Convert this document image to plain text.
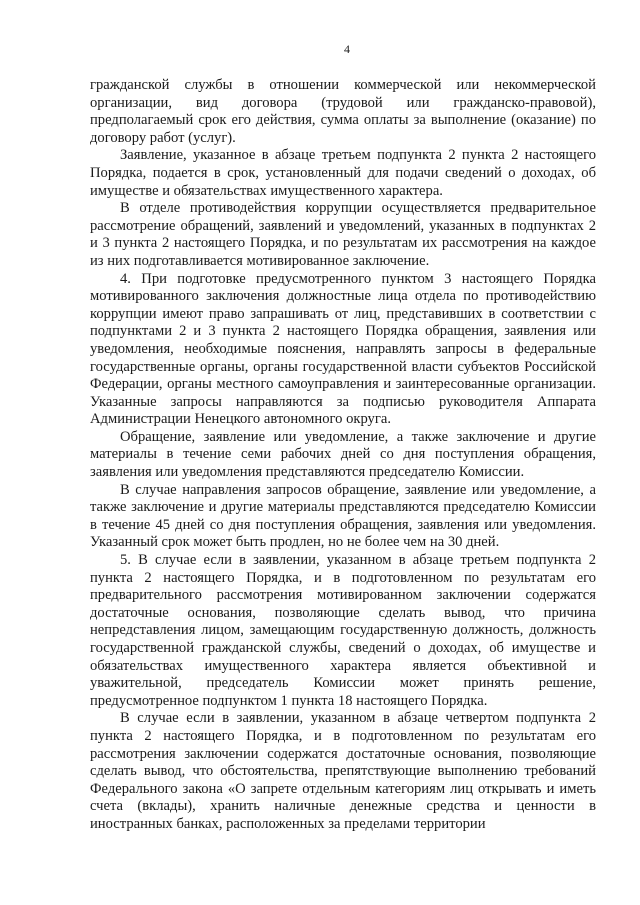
4

гражданской службы в отношении коммерческой или некоммерческой организации, вид договора (трудовой или гражданско-правовой), предполагаемый срок его действия, сумма оплаты за выполнение (оказание) по договору работ (услуг).

Заявление, указанное в абзаце третьем подпункта 2 пункта 2 настоящего Порядка, подается в срок, установленный для подачи сведений о доходах, об имуществе и обязательствах имущественного характера.

В отделе противодействия коррупции осуществляется предварительное рассмотрение обращений, заявлений и уведомлений, указанных в подпунктах 2 и 3 пункта 2 настоящего Порядка, и по результатам их рассмотрения на каждое из них подготавливается мотивированное заключение.

4. При подготовке предусмотренного пунктом 3 настоящего Порядка мотивированного заключения должностные лица отдела по противодействию коррупции имеют право запрашивать от лиц, представивших в соответствии с подпунктами 2 и 3 пункта 2 настоящего Порядка обращения, заявления или уведомления, необходимые пояснения, направлять запросы в федеральные государственные органы, органы государственной власти субъектов Российской Федерации, органы местного самоуправления и заинтересованные организации. Указанные запросы направляются за подписью руководителя Аппарата Администрации Ненецкого автономного округа.

Обращение, заявление или уведомление, а также заключение и другие материалы в течение семи рабочих дней со дня поступления обращения, заявления или уведомления представляются председателю Комиссии.

В случае направления запросов обращение, заявление или уведомление, а также заключение и другие материалы представляются председателю Комиссии в течение 45 дней со дня поступления обращения, заявления или уведомления. Указанный срок может быть продлен, но не более чем на 30 дней.

5. В случае если в заявлении, указанном в абзаце третьем подпункта 2 пункта 2 настоящего Порядка, и в подготовленном по результатам его предварительного рассмотрения мотивированном заключении содержатся достаточные основания, позволяющие сделать вывод, что причина непредставления лицом, замещающим государственную должность, должность государственной гражданской службы, сведений о доходах, об имуществе и обязательствах имущественного характера является объективной и уважительной, председатель Комиссии может принять решение, предусмотренное подпунктом 1 пункта 18 настоящего Порядка.

В случае если в заявлении, указанном в абзаце четвертом подпункта 2 пункта 2 настоящего Порядка, и в подготовленном по результатам его рассмотрения заключении содержатся достаточные основания, позволяющие сделать вывод, что обстоятельства, препятствующие выполнению требований Федерального закона «О запрете отдельным категориям лиц открывать и иметь счета (вклады), хранить наличные денежные средства и ценности в иностранных банках, расположенных за пределами территории
